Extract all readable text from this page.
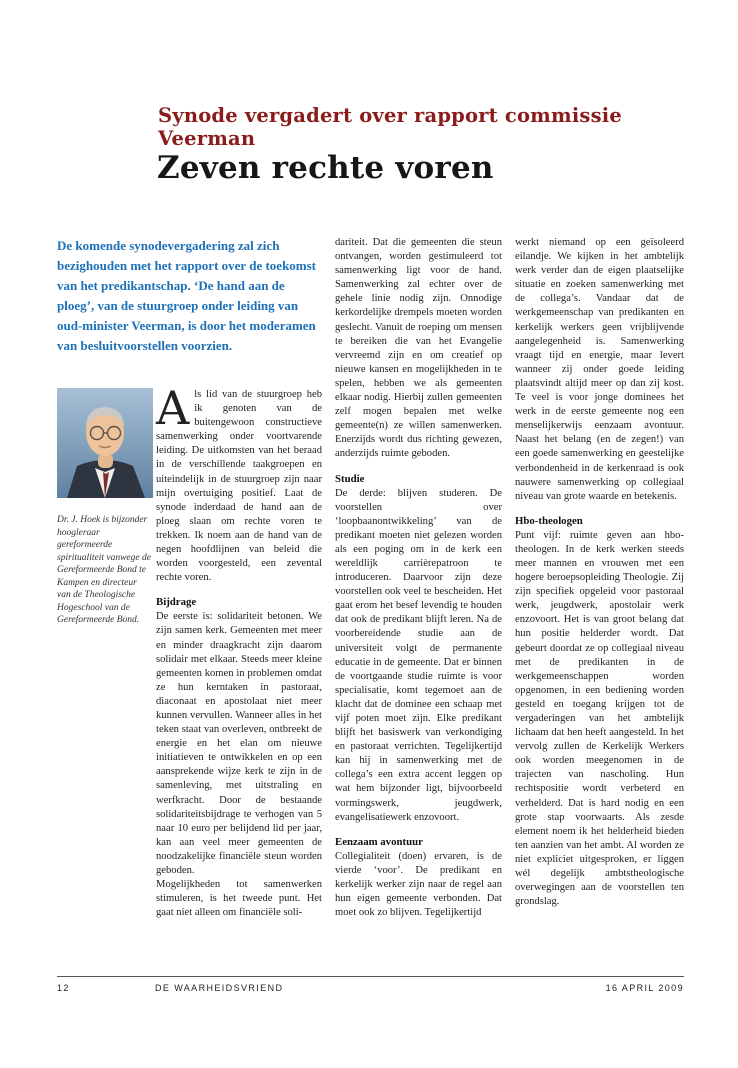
Synode vergadert over rapport commissie Veerman
Zeven rechte voren
De komende synodevergadering zal zich bezighouden met het rapport over de toekomst van het predikantschap. ‘De hand aan de ploeg’, van de stuurgroep onder leiding van oud-minister Veerman, is door het moderamen van besluitvoorstellen voorzien.
Dr. J. Hoek is bijzonder hoogleraar gereformeerde spiritualiteit vanwege de Gereformeerde Bond te Kampen en directeur van de Theologische Hogeschool van de Gereformeerde Bond.

Als lid van de stuurgroep heb ik genoten van de buitengewoon constructieve samenwerking onder voortvarende leiding. De uitkomsten van het beraad in de verschillende taakgroepen en uiteindelijk in de stuurgroep zijn naar mijn overtuiging positief. Laat de synode inderdaad de hand aan de ploeg slaan om rechte voren te trekken. Ik noem aan de hand van de negen hoofdlijnen van beleid die worden voorgesteld, een zevental rechte voren.

Bijdrage

De eerste is: solidariteit betonen. We zijn samen kerk. Gemeenten met meer en minder draagkracht zijn daarom solidair met elkaar. Steeds meer kleine gemeenten komen in problemen omdat ze hun kerntaken in pastoraat, diaconaat en apostolaat niet meer kunnen vervullen. Wanneer alles in het teken staat van overleven, ontbreekt de energie en het elan om nieuwe initiatieven te ontwikkelen en op een aansprekende wijze kerk te zijn in de samenleving, met uitstraling en werfkracht. Door de bestaande solidariteitsbijdrage te verhogen van 5 naar 10 euro per belijdend lid per jaar, kan aan veel meer gemeenten de noodzakelijke financiële steun worden geboden.

Mogelijkheden tot samenwerken stimuleren, is het tweede punt. Het gaat niet alleen om financiële soli-

dariteit. Dat die gemeenten die steun ontvangen, worden gestimuleerd tot samenwerking ligt voor de hand. Samenwerking zal echter over de gehele linie nodig zijn. Onnodige kerkordelijke drempels moeten worden geslecht. Vanuit de roeping om mensen te bereiken die van het Evangelie vervreemd zijn en om creatief op nieuwe kansen en mogelijkheden in te spelen, hebben we als gemeenten elkaar nodig. Hierbij zullen gemeenten zelf mogen bepalen met welke gemeente(n) ze willen samenwerken. Enerzijds wordt dus richting gewezen, anderzijds ruimte geboden.

Studie

De derde: blijven studeren. De voorstellen over ‘loopbaanontwikkeling’ van de predikant moeten niet gelezen worden als een poging om in de kerk een wereldlijk carrièrepatroon te introduceren. Daarvoor zijn deze voorstellen ook veel te bescheiden. Het gaat erom het besef levendig te houden dat ook de predikant blijft leren. Na de voorbereidende studie aan de universiteit volgt de permanente educatie in de gemeente. Dat er binnen de voortgaande studie ruimte is voor specialisatie, komt tegemoet aan de klacht dat de dominee een schaap met vijf poten moet zijn. Elke predikant blijft het basiswerk van verkondiging en pastoraat verrichten. Tegelijkertijd kan hij in samenwerking met de collega’s een extra accent leggen op wat hem bijzonder ligt, bijvoorbeeld vormingswerk, jeugdwerk, evangelisatiewerk enzovoort.

Eenzaam avontuur

Collegialiteit (doen) ervaren, is de vierde ‘voor’. De predikant en kerkelijk werker zijn naar de regel aan hun eigen gemeente verbonden. Dat moet ook zo blijven. Tegelijkertijd

werkt niemand op een geïsoleerd eilandje. We kijken in het ambtelijk werk verder dan de eigen plaatselijke situatie en zoeken samenwerking met de collega’s. Vandaar dat de werkgemeenschap van predikanten en kerkelijk werkers geen vrijblijvende aangelegenheid is. Samenwerking vraagt tijd en energie, maar levert wanneer zij onder goede leiding plaatsvindt altijd meer op dan zij kost. Te veel is voor jonge dominees het werk in de eerste gemeente nog een menselijkerwijs eenzaam avontuur. Naast het belang (en de zegen!) van een goede samenwerking en geestelijke verbondenheid in de kerkenraad is ook nauwere samenwerking op collegiaal niveau van grote waarde en betekenis.

Hbo-theologen

Punt vijf: ruimte geven aan hbo-theologen. In de kerk werken steeds meer mannen en vrouwen met een hogere beroepsopleiding Theologie. Zij zijn specifiek opgeleid voor pastoraal werk, jeugdwerk, apostolair werk enzovoort. Het is van groot belang dat hun positie helderder wordt. Dat gebeurt doordat ze op collegiaal niveau met de predikanten in de werkgemeenschappen worden opgenomen, in een bediening worden gesteld en toegang krijgen tot de vergaderingen van het ambtelijk lichaam dat hen heeft aangesteld. In het vervolg zullen de Kerkelijk Werkers ook worden meegenomen in de trajecten van nascholing. Hun rechtspositie wordt verbeterd en verhelderd. Dat is hard nodig en een grote stap voorwaarts. Als zesde element noem ik het helderheid bieden ten aanzien van het ambt. Al worden ze niet expliciet uitgesproken, er liggen wél degelijk ambtstheologische overwegingen aan de voorstellen ten grondslag.

12	DE WAARHEIDSVRIEND	16 APRIL 2009
